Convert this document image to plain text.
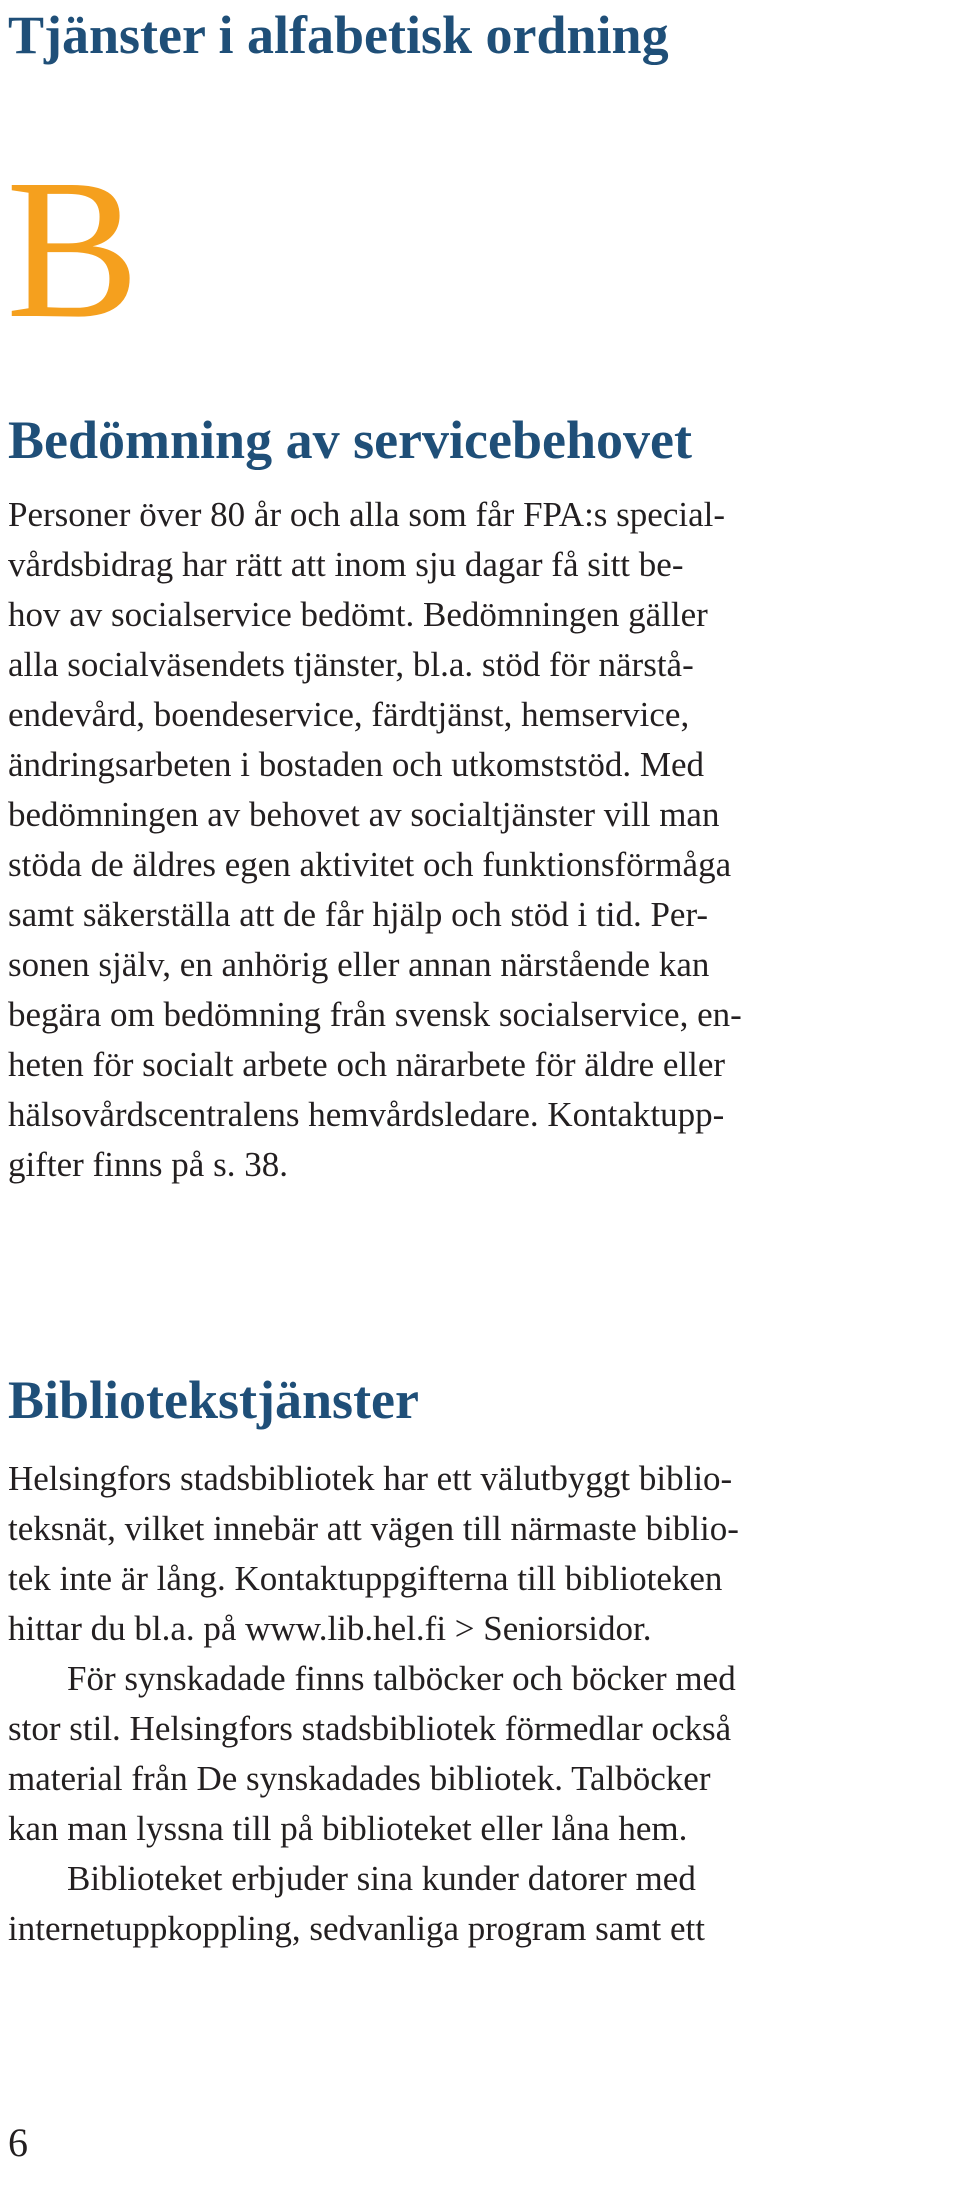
Tjänster i alfabetisk ordning
B
Bedömning av servicebehovet
Personer över 80 år och alla som får FPA:s special-
vårdsbidrag har rätt att inom sju dagar få sitt be-
hov av socialservice bedömt. Bedömningen gäller
alla socialväsendets tjänster, bl.a. stöd för närstå-
endevård, boendeservice, färdtjänst, hemservice,
ändringsarbeten i bostaden och utkomststöd. Med
bedömningen av behovet av socialtjänster vill man
stöda de äldres egen aktivitet och funktionsförmåga
samt säkerställa att de får hjälp och stöd i tid. Per-
sonen själv, en anhörig eller annan närstående kan
begära om bedömning från svensk socialservice, en-
heten för socialt arbete och närarbete för äldre eller
hälsovårdscentralens hemvårdsledare. Kontaktupp-
gifter finns på s. 38.
Bibliotekstjänster
Helsingfors stadsbibliotek har ett välutbyggt biblio-
teksnät, vilket innebär att vägen till närmaste biblio-
tek inte är lång. Kontaktuppgifterna till biblioteken
hittar du bl.a. på www.lib.hel.fi > Seniorsidor.
För synskadade finns talböcker och böcker med
stor stil. Helsingfors stadsbibliotek förmedlar också
material från De synskadades bibliotek. Talböcker
kan man lyssna till på biblioteket eller låna hem.
Biblioteket erbjuder sina kunder datorer med
internetuppkoppling, sedvanliga program samt ett
6
